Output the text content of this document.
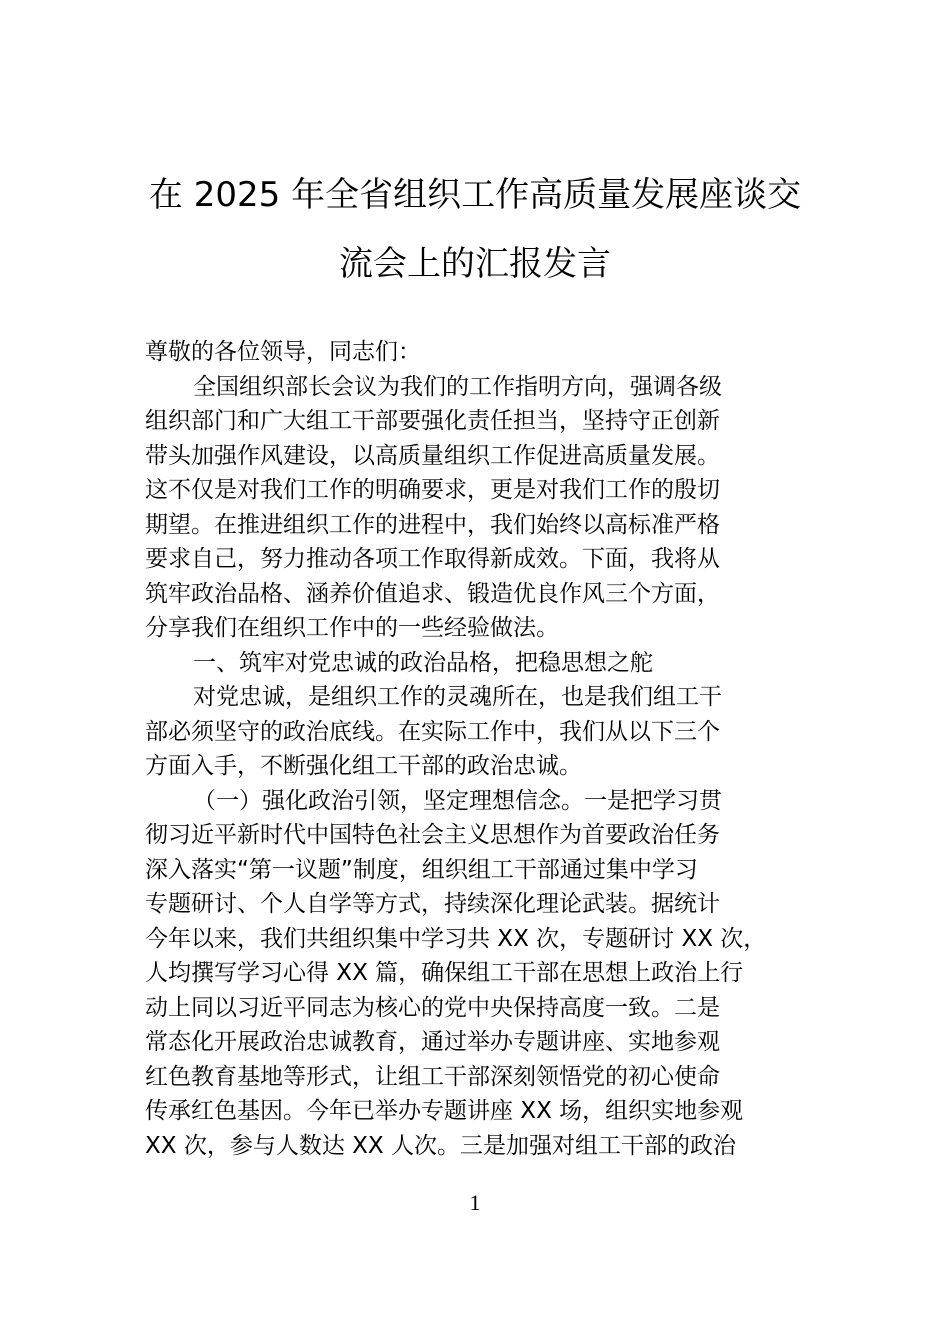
在 2025 年全省组织工作高质量发展座谈交
流会上的汇报发言
尊敬的各位领导，同志们：
全国组织部长会议为我们的工作指明方向，强调各级
组织部门和广大组工干部要强化责任担当，坚持守正创新
带头加强作风建设，以高质量组织工作促进高质量发展。
这不仅是对我们工作的明确要求，更是对我们工作的殷切
期望。在推进组织工作的进程中，我们始终以高标准严格
要求自己，努力推动各项工作取得新成效。下面，我将从
筑牢政治品格、涵养价值追求、锻造优良作风三个方面，
分享我们在组织工作中的一些经验做法。
一、筑牢对党忠诚的政治品格，把稳思想之舵
对党忠诚，是组织工作的灵魂所在，也是我们组工干
部必须坚守的政治底线。在实际工作中，我们从以下三个
方面入手，不断强化组工干部的政治忠诚。
（一）强化政治引领，坚定理想信念。一是把学习贯
彻习近平新时代中国特色社会主义思想作为首要政治任务
深入落实“第一议题”制度，组织组工干部通过集中学习
专题研讨、个人自学等方式，持续深化理论武装。据统计
今年以来，我们共组织集中学习共 XX 次，专题研讨 XX 次，
人均撰写学习心得 XX 篇，确保组工干部在思想上政治上行
动上同以习近平同志为核心的党中央保持高度一致。二是
常态化开展政治忠诚教育，通过举办专题讲座、实地参观
红色教育基地等形式，让组工干部深刻领悟党的初心使命
传承红色基因。今年已举办专题讲座 XX 场，组织实地参观
XX 次，参与人数达 XX 人次。三是加强对组工干部的政治
1
